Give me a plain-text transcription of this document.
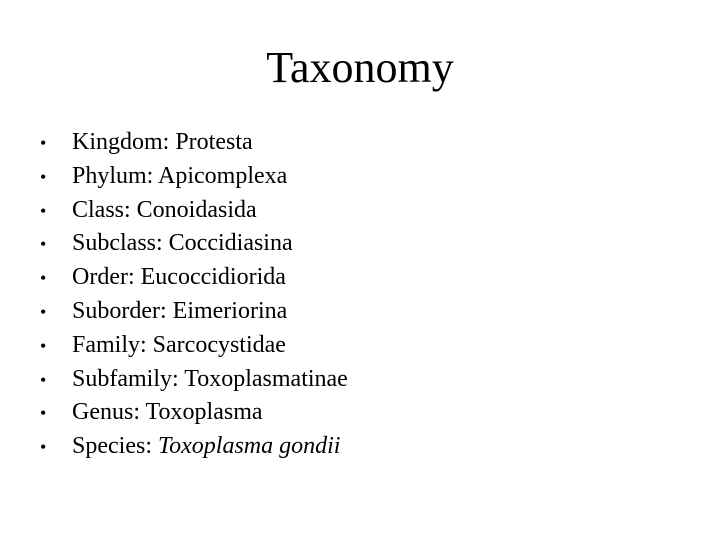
Taxonomy
•	Kingdom: Protesta
•	Phylum: Apicomplexa
•	Class: Conoidasida
•	Subclass: Coccidiasina
•	Order: Eucoccidiorida
•	Suborder: Eimeriorina
•	Family: Sarcocystidae
•	Subfamily: Toxoplasmatinae
•	Genus: Toxoplasma
•	Species: Toxoplasma gondii
